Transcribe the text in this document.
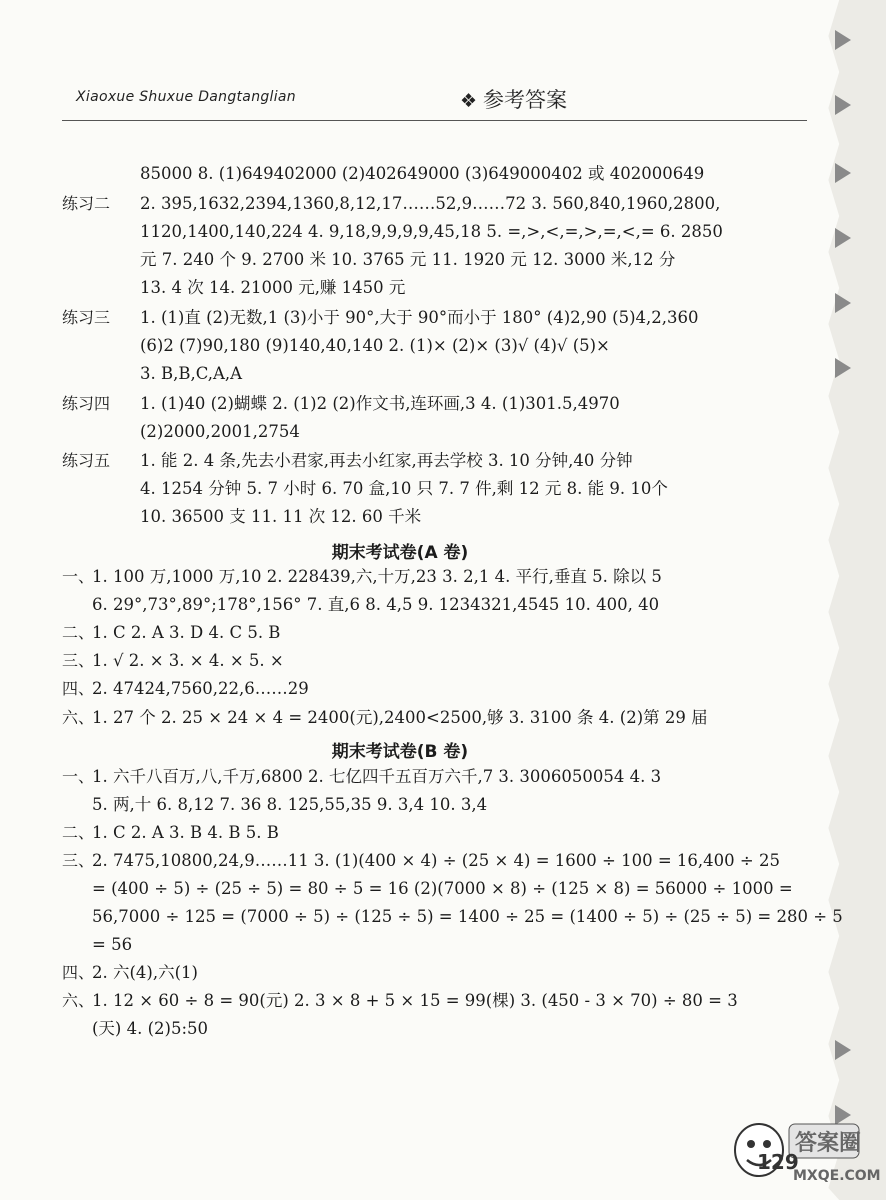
Xiaoxue Shuxue Dangtanglian	❖ 参考答案
85000 8. (1)649402000 (2)402649000 (3)649000402 或 402000649
练习二 2. 395,1632,2394,1360,8,12,17……52,9……72 3. 560,840,1960,2800,
1120,1400,140,224 4. 9,18,9,9,9,9,45,18 5. =,>,<,=,>,=,<,= 6. 2850
元 7. 240 个 9. 2700 米 10. 3765 元 11. 1920 元 12. 3000 米,12 分
13. 4 次 14. 21000 元,赚 1450 元
练习三 1. (1)直 (2)无数,1 (3)小于 90°,大于 90°而小于 180° (4)2,90 (5)4,2,360
(6)2 (7)90,180 (9)140,40,140 2. (1)× (2)× (3)√ (4)√ (5)×
3. B,B,C,A,A
练习四 1. (1)40 (2)蝴蝶 2. (1)2 (2)作文书,连环画,3 4. (1)301.5,4970
(2)2000,2001,2754
练习五 1. 能 2. 4 条,先去小君家,再去小红家,再去学校 3. 10 分钟,40 分钟
4. 1254 分钟 5. 7 小时 6. 70 盒,10 只 7. 7 件,剩 12 元 8. 能 9. 10个
10. 36500 支 11. 11 次 12. 60 千米
期末考试卷(A 卷)
一、1. 100 万,1000 万,10 2. 228439,六,十万,23 3. 2,1 4. 平行,垂直 5. 除以 5
6. 29°,73°,89°;178°,156° 7. 直,6 8. 4,5 9. 1234321,4545 10. 400, 40
二、1. C 2. A 3. D 4. C 5. B
三、1. √ 2. × 3. × 4. × 5. ×
四、2. 47424,7560,22,6……29
六、1. 27 个 2. 25 × 24 × 4 = 2400(元),2400<2500,够 3. 3100 条 4. (2)第 29 届
期末考试卷(B 卷)
一、1. 六千八百万,八,千万,6800 2. 七亿四千五百万六千,7 3. 3006050054 4. 3
5. 两,十 6. 8,12 7. 36 8. 125,55,35 9. 3,4 10. 3,4
二、1. C 2. A 3. B 4. B 5. B
三、2. 7475,10800,24,9……11 3. (1)(400 × 4) ÷ (25 × 4) = 1600 ÷ 100 = 16,400 ÷ 25
= (400 ÷ 5) ÷ (25 ÷ 5) = 80 ÷ 5 = 16 (2)(7000 × 8) ÷ (125 × 8) = 56000 ÷ 1000 =
56,7000 ÷ 125 = (7000 ÷ 5) ÷ (125 ÷ 5) = 1400 ÷ 25 = (1400 ÷ 5) ÷ (25 ÷ 5) = 280 ÷ 5
= 56
四、2. 六(4),六(1)
六、1. 12 × 60 ÷ 8 = 90(元) 2. 3 × 8 + 5 × 15 = 99(棵) 3. (450 - 3 × 70) ÷ 80 = 3
(天) 4. (2)5:50
答案圈
MXQE.COM
129
